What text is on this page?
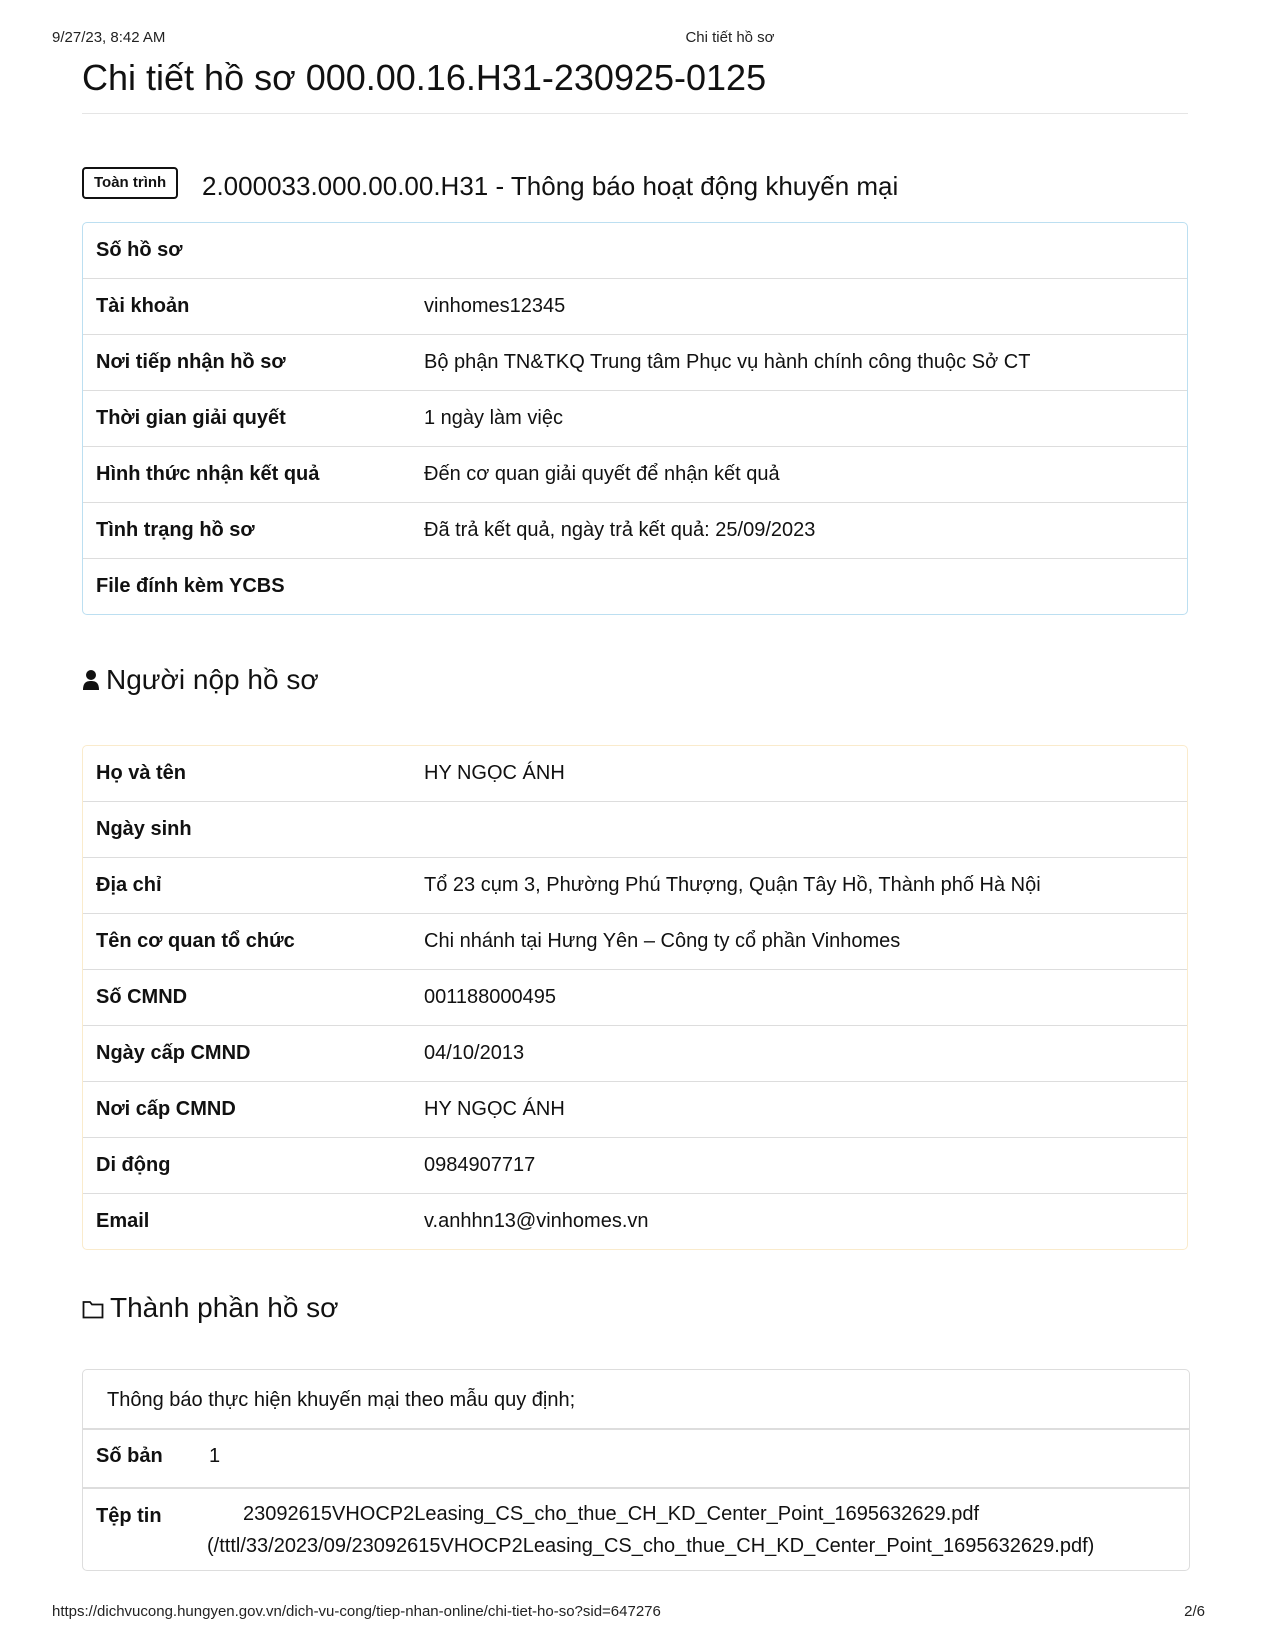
9/27/23, 8:42 AM	Chi tiết hồ sơ
Chi tiết hồ sơ 000.00.16.H31-230925-0125
Toàn trình	2.000033.000.00.00.H31 - Thông báo hoạt động khuyến mại
Số hồ sơ	
Tài khoản	vinhomes12345
Nơi tiếp nhận hồ sơ	Bộ phận TN&TKQ Trung tâm Phục vụ hành chính công thuộc Sở CT
Thời gian giải quyết	1 ngày làm việc
Hình thức nhận kết quả	Đến cơ quan giải quyết để nhận kết quả
Tình trạng hồ sơ	Đã trả kết quả, ngày trả kết quả: 25/09/2023
File đính kèm YCBS	
Người nộp hồ sơ
Họ và tên	HY NGỌC ÁNH
Ngày sinh	
Địa chỉ	Tổ 23 cụm 3, Phường Phú Thượng, Quận Tây Hồ, Thành phố Hà Nội
Tên cơ quan tổ chức	Chi nhánh tại Hưng Yên – Công ty cổ phần Vinhomes
Số CMND	001188000495
Ngày cấp CMND	04/10/2013
Nơi cấp CMND	HY NGỌC ÁNH
Di động	0984907717
Email	v.anhhn13@vinhomes.vn
Thành phần hồ sơ
Thông báo thực hiện khuyến mại theo mẫu quy định;
Số bản 1
Tệp tin	23092615VHOCP2Leasing_CS_cho_thue_CH_KD_Center_Point_1695632629.pdf
(/tttl/33/2023/09/23092615VHOCP2Leasing_CS_cho_thue_CH_KD_Center_Point_1695632629.pdf)
https://dichvucong.hungyen.gov.vn/dich-vu-cong/tiep-nhan-online/chi-tiet-ho-so?sid=647276	2/6
